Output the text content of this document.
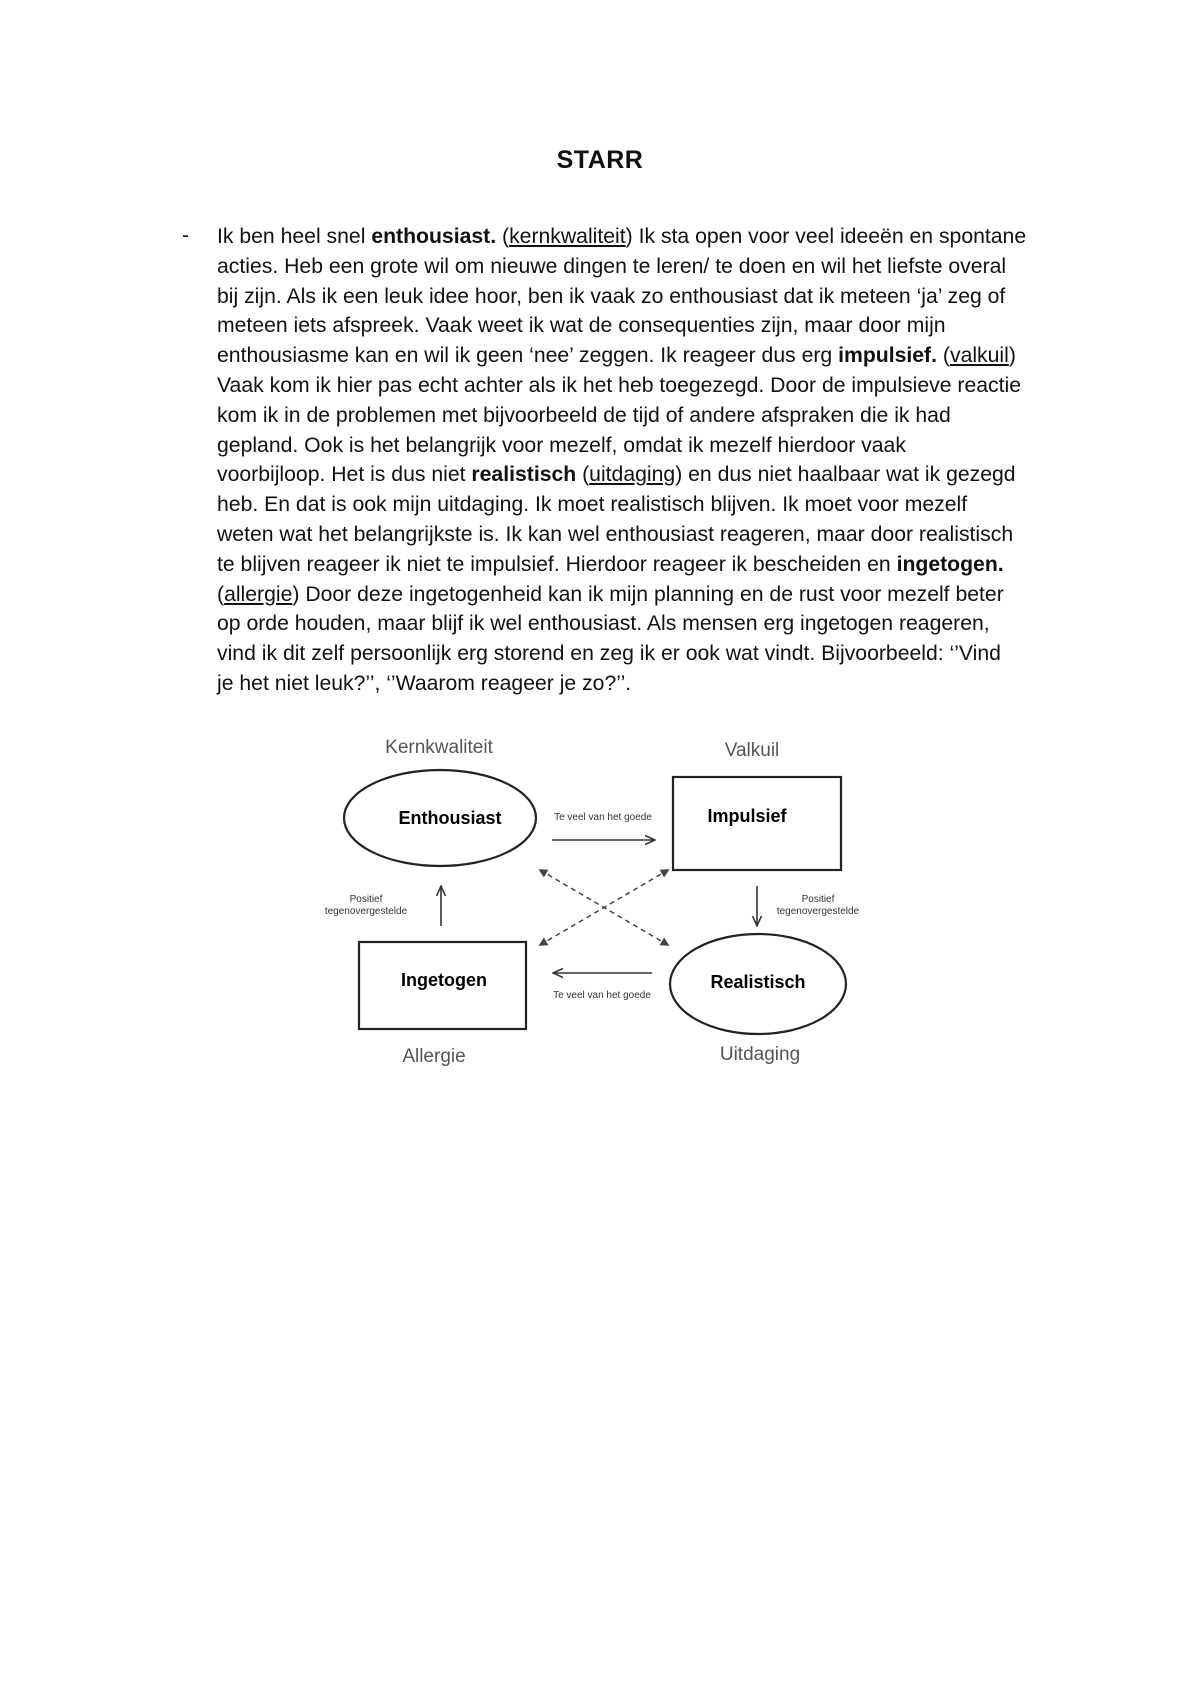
STARR
- Ik ben heel snel enthousiast. (kernkwaliteit) Ik sta open voor veel ideeën en spontane
acties. Heb een grote wil om nieuwe dingen te leren/ te doen en wil het liefste overal
bij zijn. Als ik een leuk idee hoor, ben ik vaak zo enthousiast dat ik meteen ‘ja’ zeg of
meteen iets afspreek. Vaak weet ik wat de consequenties zijn, maar door mijn
enthousiasme kan en wil ik geen ‘nee’ zeggen. Ik reageer dus erg impulsief. (valkuil)
Vaak kom ik hier pas echt achter als ik het heb toegezegd. Door de impulsieve reactie
kom ik in de problemen met bijvoorbeeld de tijd of andere afspraken die ik had
gepland. Ook is het belangrijk voor mezelf, omdat ik mezelf hierdoor vaak
voorbijloop. Het is dus niet realistisch (uitdaging) en dus niet haalbaar wat ik gezegd
heb. En dat is ook mijn uitdaging. Ik moet realistisch blijven. Ik moet voor mezelf
weten wat het belangrijkste is. Ik kan wel enthousiast reageren, maar door realistisch
te blijven reageer ik niet te impulsief. Hierdoor reageer ik bescheiden en ingetogen.
(allergie) Door deze ingetogenheid kan ik mijn planning en de rust voor mezelf beter
op orde houden, maar blijf ik wel enthousiast. Als mensen erg ingetogen reageren,
vind ik dit zelf persoonlijk erg storend en zeg ik er ook wat vindt. Bijvoorbeeld: ‘’Vind
je het niet leuk?’’, ‘’Waarom reageer je zo?’’.
Kernkwaliteit	Valkuil
Allergie	Uitdaging
Enthousiast	Impulsief
Ingetogen	Realistisch
Te veel van het goede
Te veel van het goede
Positief
tegenovergestelde
Positief
tegenovergestelde
